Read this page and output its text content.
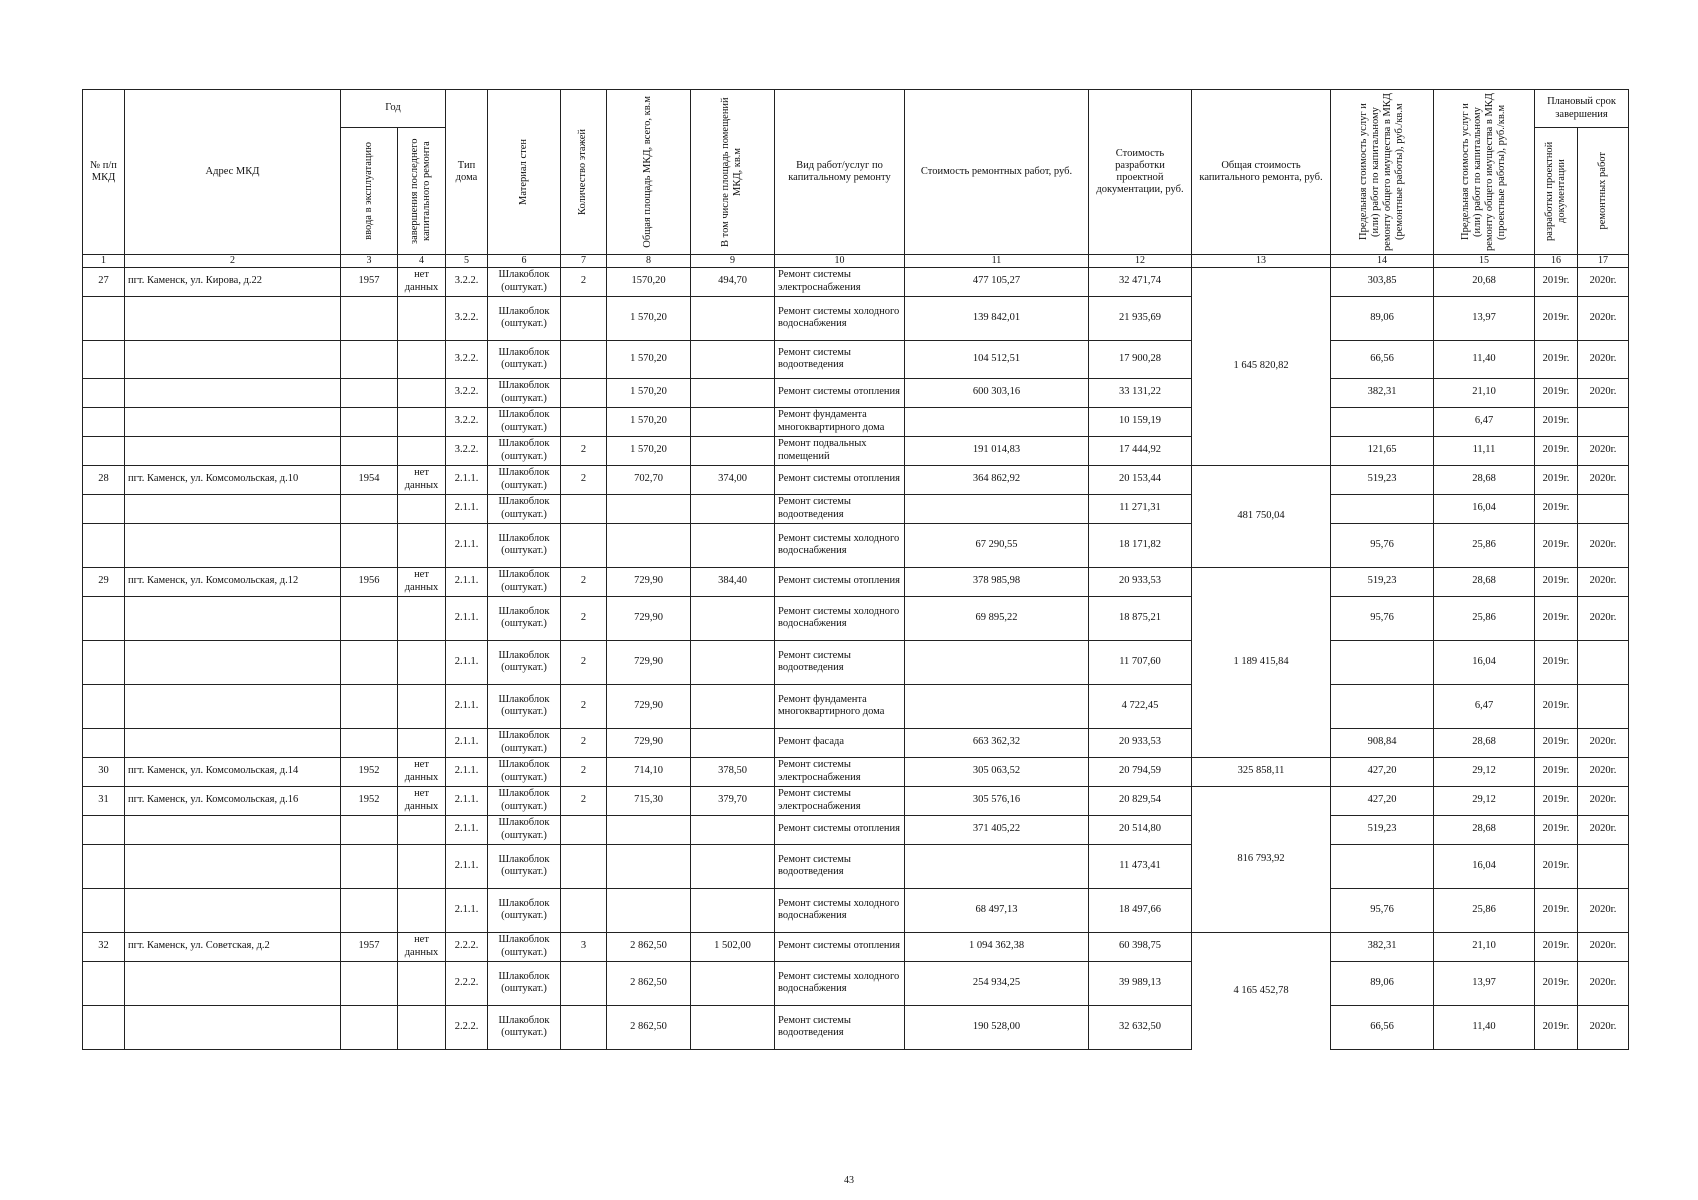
№ п/п МКД	Адрес МКД	Год		Тип дома	Материал стен	Количество этажей	Общая площадь МКД, всего, кв.м	В том числе площадь помещений МКД, кв.м	Вид работ/услуг по капитальному ремонту	Стоимость ремонтных работ, руб.	Стоимость разработки проектной документации, руб.	Общая стоимость капитального ремонта, руб.	Предельная стоимость услуг и (или) работ по капитальному ремонту общего имущества в МКД (ремонтные работы), руб./кв.м	Предельная стоимость услуг и (или) работ по капитальному ремонту общего имущества в МКД (проектные работы), руб./кв.м	Плановый срок завершения	

		ввода в эксплуатацию	завершения последнего капитального ремонта												разработки проектной документации	ремонтных работ

1	2	3	4	5	6	7	8	9	10	11	12	13	14	15	16	17
27	пгт. Каменск, ул. Кирова, д.22	1957	нет данных	3.2.2.	Шлакоблок (оштукат.)	2	1570,20	494,70	Ремонт системы электроснабжения	477 105,27	32 471,74	1 645 820,82	303,85	20,68	2019г.	2020г.
				3.2.2.	Шлакоблок (оштукат.)		1 570,20		Ремонт системы холодного водоснабжения	139 842,01	21 935,69		89,06	13,97	2019г.	2020г.
				3.2.2.	Шлакоблок (оштукат.)		1 570,20		Ремонт системы водоотведения	104 512,51	17 900,28		66,56	11,40	2019г.	2020г.
				3.2.2.	Шлакоблок (оштукат.)		1 570,20		Ремонт системы отопления	600 303,16	33 131,22		382,31	21,10	2019г.	2020г.
				3.2.2.	Шлакоблок (оштукат.)		1 570,20		Ремонт фундамента многоквартирного дома		10 159,19			6,47	2019г.	
				3.2.2.	Шлакоблок (оштукат.)	2	1 570,20		Ремонт подвальных помещений	191 014,83	17 444,92		121,65	11,11	2019г.	2020г.
28	пгт. Каменск, ул. Комсомольская, д.10	1954	нет данных	2.1.1.	Шлакоблок (оштукат.)	2	702,70	374,00	Ремонт системы отопления	364 862,92	20 153,44	481 750,04	519,23	28,68	2019г.	2020г.
				2.1.1.	Шлакоблок (оштукат.)				Ремонт системы водоотведения		11 271,31			16,04	2019г.	
				2.1.1.	Шлакоблок (оштукат.)				Ремонт системы холодного водоснабжения	67 290,55	18 171,82		95,76	25,86	2019г.	2020г.
29	пгт. Каменск, ул. Комсомольская, д.12	1956	нет данных	2.1.1.	Шлакоблок (оштукат.)	2	729,90	384,40	Ремонт системы отопления	378 985,98	20 933,53	1 189 415,84	519,23	28,68	2019г.	2020г.
				2.1.1.	Шлакоблок (оштукат.)	2	729,90		Ремонт системы холодного водоснабжения	69 895,22	18 875,21		95,76	25,86	2019г.	2020г.
				2.1.1.	Шлакоблок (оштукат.)	2	729,90		Ремонт системы водоотведения		11 707,60			16,04	2019г.	
				2.1.1.	Шлакоблок (оштукат.)	2	729,90		Ремонт фундамента многоквартирного дома		4 722,45			6,47	2019г.	
				2.1.1.	Шлакоблок (оштукат.)	2	729,90		Ремонт фасада	663 362,32	20 933,53		908,84	28,68	2019г.	2020г.
30	пгт. Каменск, ул. Комсомольская, д.14	1952	нет данных	2.1.1.	Шлакоблок (оштукат.)	2	714,10	378,50	Ремонт системы электроснабжения	305 063,52	20 794,59	325 858,11	427,20	29,12	2019г.	2020г.
31	пгт. Каменск, ул. Комсомольская, д.16	1952	нет данных	2.1.1.	Шлакоблок (оштукат.)	2	715,30	379,70	Ремонт системы электроснабжения	305 576,16	20 829,54	816 793,92	427,20	29,12	2019г.	2020г.
				2.1.1.	Шлакоблок (оштукат.)				Ремонт системы отопления	371 405,22	20 514,80		519,23	28,68	2019г.	2020г.
				2.1.1.	Шлакоблок (оштукат.)				Ремонт системы водоотведения		11 473,41			16,04	2019г.	
				2.1.1.	Шлакоблок (оштукат.)				Ремонт системы холодного водоснабжения	68 497,13	18 497,66		95,76	25,86	2019г.	2020г.
32	пгт. Каменск, ул. Советская, д.2	1957	нет данных	2.2.2.	Шлакоблок (оштукат.)	3	2 862,50	1 502,00	Ремонт системы отопления	1 094 362,38	60 398,75	4 165 452,78	382,31	21,10	2019г.	2020г.
				2.2.2.	Шлакоблок (оштукат.)		2 862,50		Ремонт системы холодного водоснабжения	254 934,25	39 989,13		89,06	13,97	2019г.	2020г.
				2.2.2.	Шлакоблок (оштукат.)		2 862,50		Ремонт системы водоотведения	190 528,00	32 632,50		66,56	11,40	2019г.	2020г.
43
